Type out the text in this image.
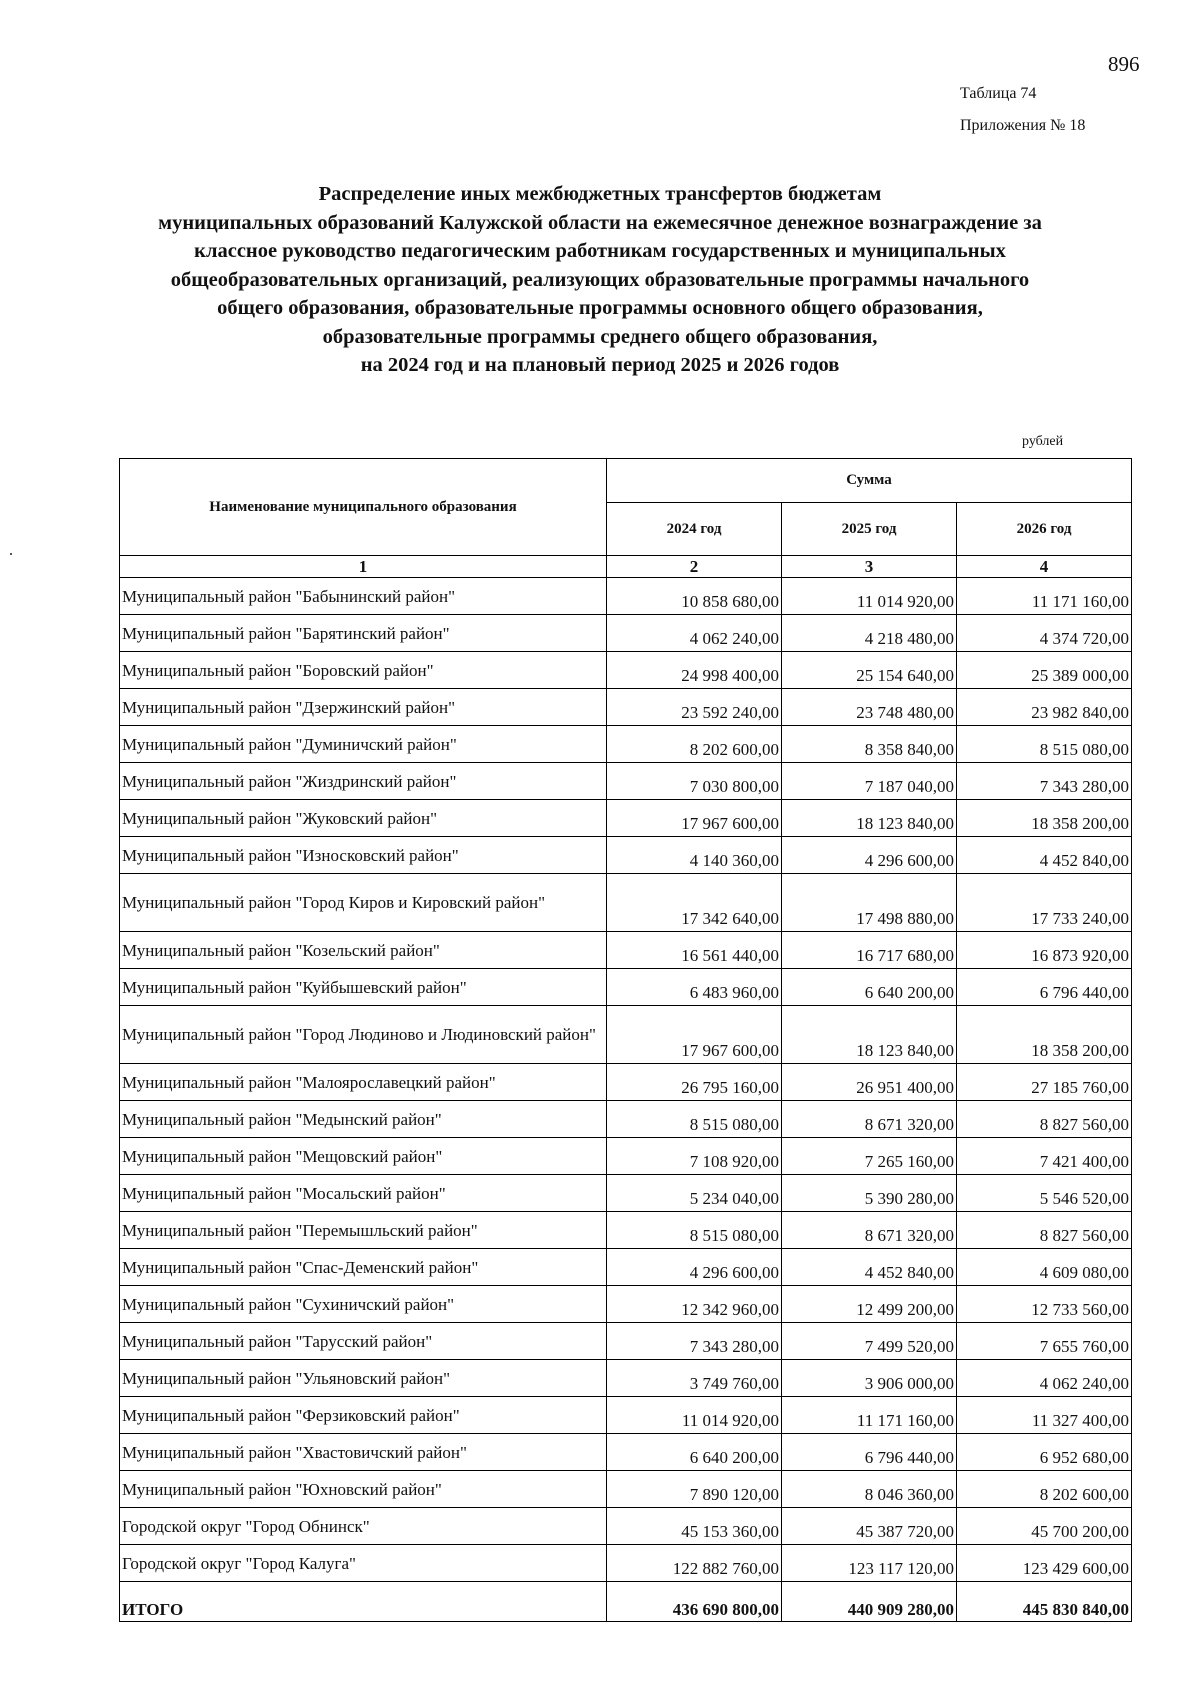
896
Таблица 74
Приложения № 18
Распределение иных межбюджетных трансфертов бюджетам
муниципальных образований Калужской области на ежемесячное денежное вознаграждение за
классное руководство педагогическим работникам государственных и муниципальных
общеобразовательных организаций, реализующих образовательные программы начального
общего образования, образовательные программы основного общего образования,
образовательные программы среднего общего образования,
на 2024 год и на плановый период 2025 и 2026 годов
рублей
Наименование муниципального образования	Сумма		
	2024 год	2025 год	2026 год
1	2	3	4
Муниципальный район "Бабынинский район"	10 858 680,00	11 014 920,00	11 171 160,00
Муниципальный район "Барятинский район"	4 062 240,00	4 218 480,00	4 374 720,00
Муниципальный район "Боровский район"	24 998 400,00	25 154 640,00	25 389 000,00
Муниципальный район "Дзержинский район"	23 592 240,00	23 748 480,00	23 982 840,00
Муниципальный район "Думиничский район"	8 202 600,00	8 358 840,00	8 515 080,00
Муниципальный район "Жиздринский район"	7 030 800,00	7 187 040,00	7 343 280,00
Муниципальный район "Жуковский район"	17 967 600,00	18 123 840,00	18 358 200,00
Муниципальный район "Износковский район"	4 140 360,00	4 296 600,00	4 452 840,00
Муниципальный район "Город Киров и Кировский район"	17 342 640,00	17 498 880,00	17 733 240,00
Муниципальный район "Козельский район"	16 561 440,00	16 717 680,00	16 873 920,00
Муниципальный район "Куйбышевский район"	6 483 960,00	6 640 200,00	6 796 440,00
Муниципальный район "Город Людиново и Людиновский район"	17 967 600,00	18 123 840,00	18 358 200,00
Муниципальный район "Малоярославецкий район"	26 795 160,00	26 951 400,00	27 185 760,00
Муниципальный район "Медынский район"	8 515 080,00	8 671 320,00	8 827 560,00
Муниципальный район "Мещовский район"	7 108 920,00	7 265 160,00	7 421 400,00
Муниципальный район "Мосальский район"	5 234 040,00	5 390 280,00	5 546 520,00
Муниципальный район "Перемышльский район"	8 515 080,00	8 671 320,00	8 827 560,00
Муниципальный район "Спас-Деменский район"	4 296 600,00	4 452 840,00	4 609 080,00
Муниципальный район "Сухиничский район"	12 342 960,00	12 499 200,00	12 733 560,00
Муниципальный район "Тарусский район"	7 343 280,00	7 499 520,00	7 655 760,00
Муниципальный район "Ульяновский район"	3 749 760,00	3 906 000,00	4 062 240,00
Муниципальный район "Ферзиковский район"	11 014 920,00	11 171 160,00	11 327 400,00
Муниципальный район "Хвастовичский район"	6 640 200,00	6 796 440,00	6 952 680,00
Муниципальный район "Юхновский район"	7 890 120,00	8 046 360,00	8 202 600,00
Городской округ "Город Обнинск"	45 153 360,00	45 387 720,00	45 700 200,00
Городской округ "Город Калуга"	122 882 760,00	123 117 120,00	123 429 600,00
ИТОГО	436 690 800,00	440 909 280,00	445 830 840,00
